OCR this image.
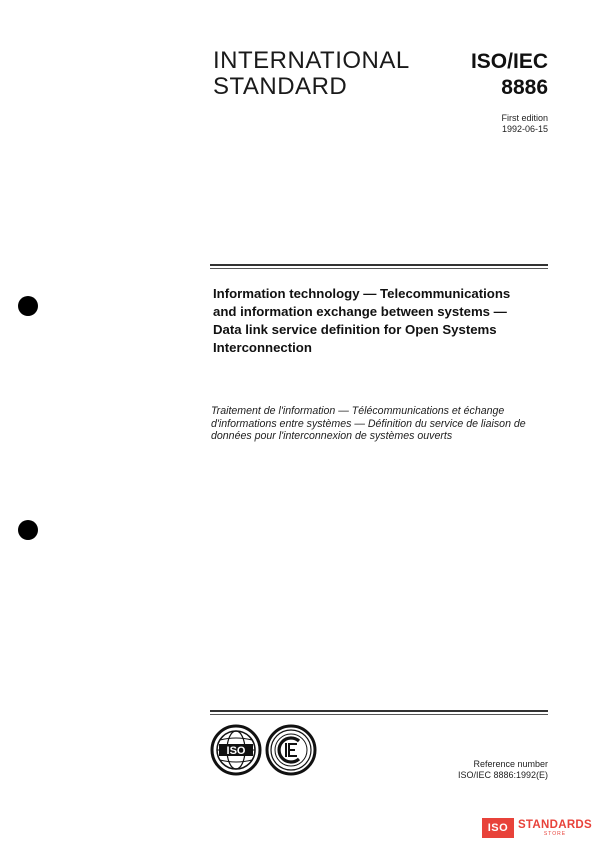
INTERNATIONAL
STANDARD
ISO/IEC
8886
First edition
1992-06-15
Information technology — Telecommunications
and information exchange between systems —
Data link service definition for Open Systems
Interconnection
Traitement de l'information — Télécommunications et échange
d'informations entre systèmes — Définition du service de liaison de
données pour l'interconnexion de systèmes ouverts
ISO
Reference number
ISO/IEC 8886:1992(E)
ISO STANDARDS
STORE
